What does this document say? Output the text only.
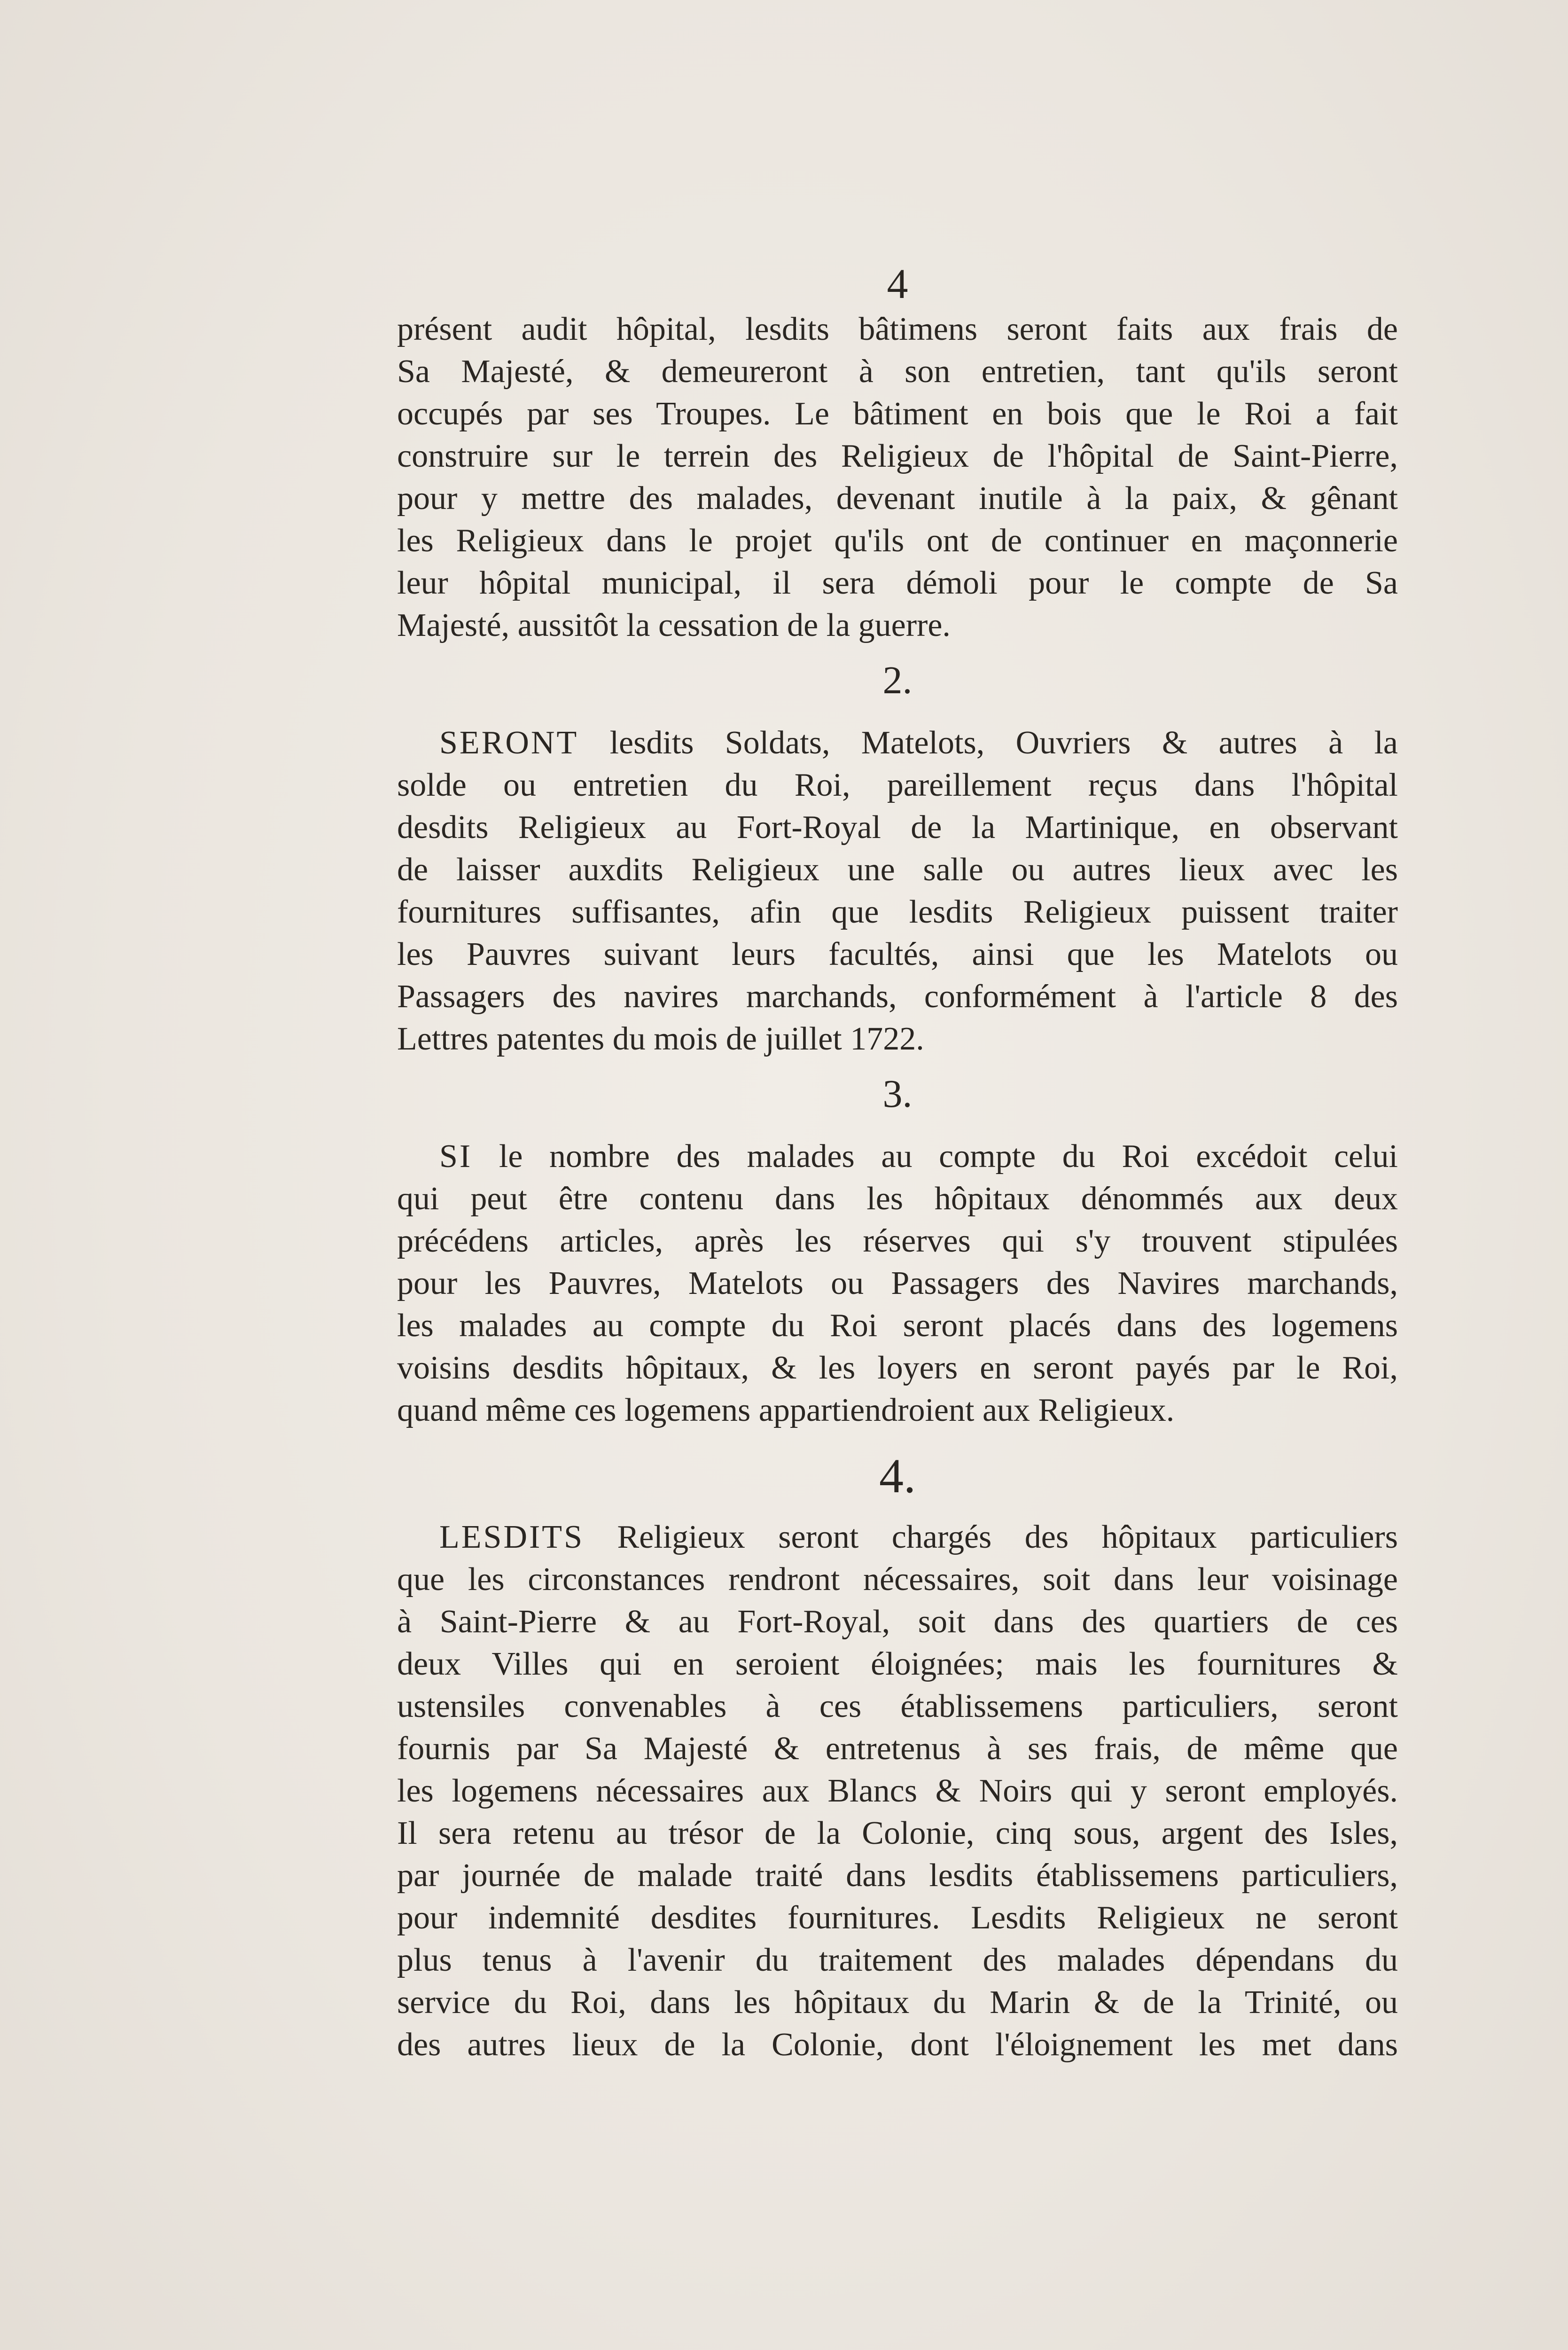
4

présent audit hôpital, lesdits bâtimens seront faits aux frais de
Sa Majesté, & demeureront à son entretien, tant qu'ils seront
occupés par ses Troupes. Le bâtiment en bois que le Roi a fait
construire sur le terrein des Religieux de l'hôpital de Saint-Pierre,
pour y mettre des malades, devenant inutile à la paix, & gênant
les Religieux dans le projet qu'ils ont de continuer en maçonnerie
leur hôpital municipal, il sera démoli pour le compte de Sa
Majesté, aussitôt la cessation de la guerre.

2.

SERONT lesdits Soldats, Matelots, Ouvriers & autres à la
solde ou entretien du Roi, pareillement reçus dans l'hôpital
desdits Religieux au Fort-Royal de la Martinique, en observant
de laisser auxdits Religieux une salle ou autres lieux avec les
fournitures suffisantes, afin que lesdits Religieux puissent traiter
les Pauvres suivant leurs facultés, ainsi que les Matelots ou
Passagers des navires marchands, conformément à l'article 8 des
Lettres patentes du mois de juillet 1722.

3.

SI le nombre des malades au compte du Roi excédoit celui
qui peut être contenu dans les hôpitaux dénommés aux deux
précédens articles, après les réserves qui s'y trouvent stipulées
pour les Pauvres, Matelots ou Passagers des Navires marchands,
les malades au compte du Roi seront placés dans des logemens
voisins desdits hôpitaux, & les loyers en seront payés par le Roi,
quand même ces logemens appartiendroient aux Religieux.

4.

LESDITS Religieux seront chargés des hôpitaux particuliers
que les circonstances rendront nécessaires, soit dans leur voisinage
à Saint-Pierre & au Fort-Royal, soit dans des quartiers de ces
deux Villes qui en seroient éloignées; mais les fournitures &
ustensiles convenables à ces établissemens particuliers, seront
fournis par Sa Majesté & entretenus à ses frais, de même que
les logemens nécessaires aux Blancs & Noirs qui y seront employés.
Il sera retenu au trésor de la Colonie, cinq sous, argent des Isles,
par journée de malade traité dans lesdits établissemens particuliers,
pour indemnité desdites fournitures. Lesdits Religieux ne seront
plus tenus à l'avenir du traitement des malades dépendans du
service du Roi, dans les hôpitaux du Marin & de la Trinité, ou
des autres lieux de la Colonie, dont l'éloignement les met dans
